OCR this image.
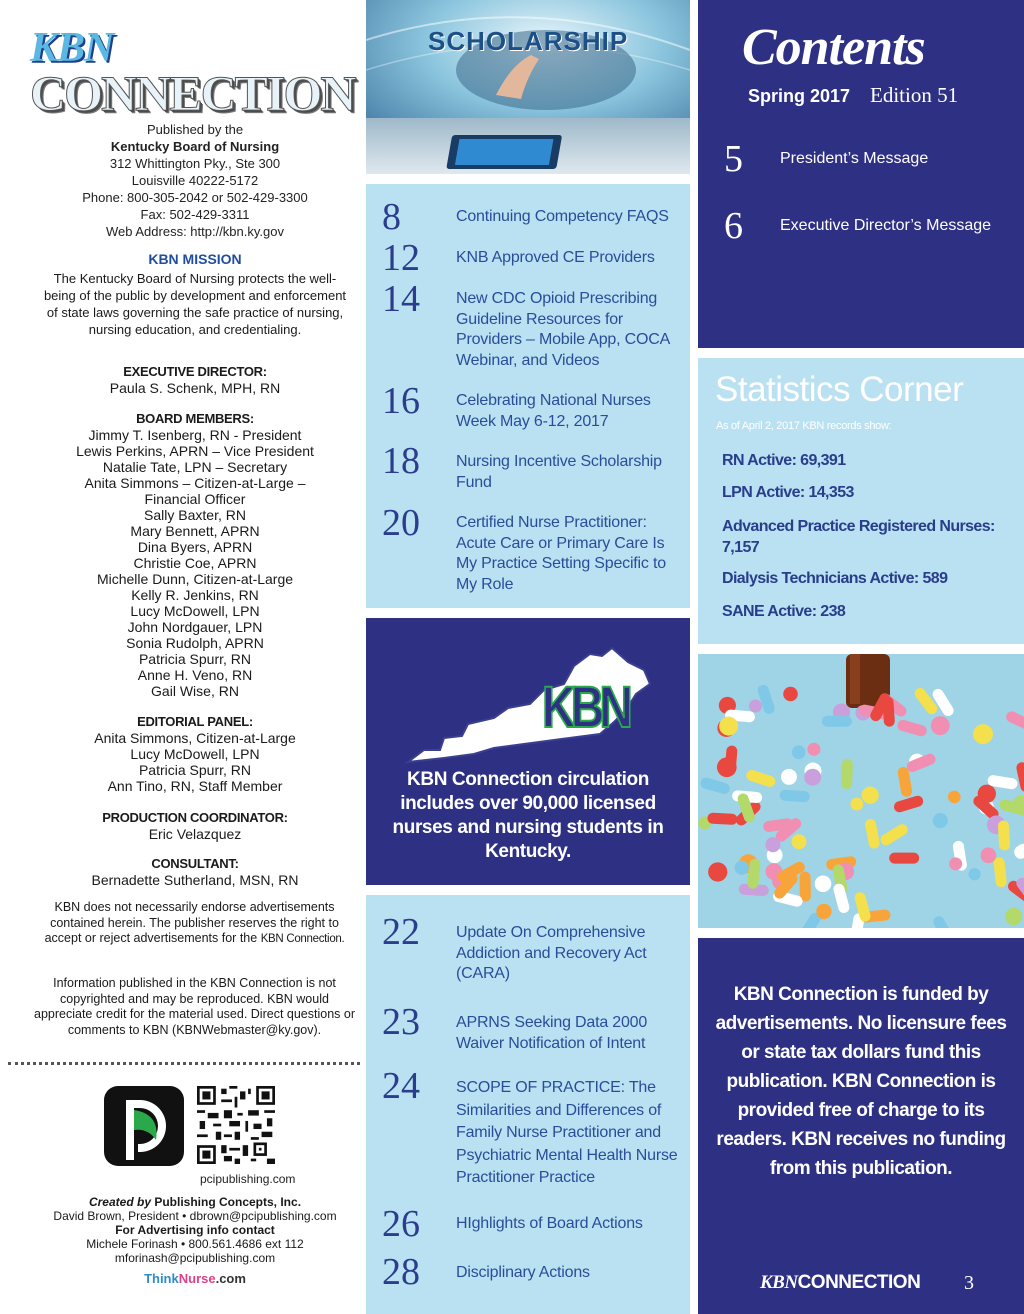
KBN
CONNECTION
Published by the
Kentucky Board of Nursing
312 Whittington Pky., Ste 300
Louisville 40222-5172
Phone: 800-305-2042 or 502-429-3300
Fax: 502-429-3311
Web Address: http://kbn.ky.gov
KBN MISSION
The Kentucky Board of Nursing protects the well-being of the public by development and enforcement of state laws governing the safe practice of nursing, nursing education, and credentialing.
EXECUTIVE DIRECTOR:
Paula S. Schenk, MPH, RN
BOARD MEMBERS:
Jimmy T. Isenberg, RN - President
Lewis Perkins, APRN – Vice President
Natalie Tate, LPN – Secretary
Anita Simmons – Citizen-at-Large –
Financial Officer
Sally Baxter, RN
Mary Bennett, APRN
Dina Byers, APRN
Christie Coe, APRN
Michelle Dunn, Citizen-at-Large
Kelly R. Jenkins, RN
Lucy McDowell, LPN
John Nordgauer, LPN
Sonia Rudolph, APRN
Patricia Spurr, RN
Anne H. Veno, RN
Gail Wise, RN
EDITORIAL PANEL:
Anita Simmons, Citizen-at-Large
Lucy McDowell, LPN
Patricia Spurr, RN
Ann Tino, RN, Staff Member
PRODUCTION COORDINATOR:
Eric Velazquez
CONSULTANT:
Bernadette Sutherland, MSN, RN
KBN does not necessarily endorse advertisements contained herein. The publisher reserves the right to accept or reject advertisements for the KBN Connection.
Information published in the KBN Connection is not copyrighted and may be reproduced. KBN would appreciate credit for the material used. Direct questions or comments to KBN (KBNWebmaster@ky.gov).
pcipublishing.com
Created by Publishing Concepts, Inc.
David Brown, President • dbrown@pcipublishing.com
For Advertising info contact
Michele Forinash • 800.561.4686 ext 112
mforinash@pcipublishing.com
ThinkNurse.com
SCHOLARSHIP
8	Continuing Competency FAQS
12 KNB Approved CE Providers
14 New CDC Opioid Prescribing Guideline Resources for Providers – Mobile App, COCA Webinar, and Videos
16 Celebrating National Nurses Week May 6-12, 2017
18 Nursing Incentive Scholarship Fund
20 Certified Nurse Practitioner: Acute Care or Primary Care Is My Practice Setting Specific to My Role
KBN
KBN Connection circulation includes over 90,000 licensed nurses and nursing students in Kentucky.
22 Update On Comprehensive Addiction and Recovery Act (CARA)
23 APRNS Seeking Data 2000 Waiver Notification of Intent
24 SCOPE OF PRACTICE: The Similarities and Differences of Family Nurse Practitioner and Psychiatric Mental Health Nurse Practitioner Practice
26 HIghlights of Board Actions
28 Disciplinary Actions
Contents
Spring 2017 Edition 51
5 President’s Message
6 Executive Director’s Message
Statistics Corner
As of April 2, 2017 KBN records show:
RN Active: 69,391
LPN Active: 14,353
Advanced Practice Registered Nurses: 7,157
Dialysis Technicians Active: 589
SANE Active: 238
KBN Connection is funded by advertisements. No licensure fees or state tax dollars fund this publication. KBN Connection is provided free of charge to its readers. KBN receives no funding from this publication.
KBNCONNECTION 3
